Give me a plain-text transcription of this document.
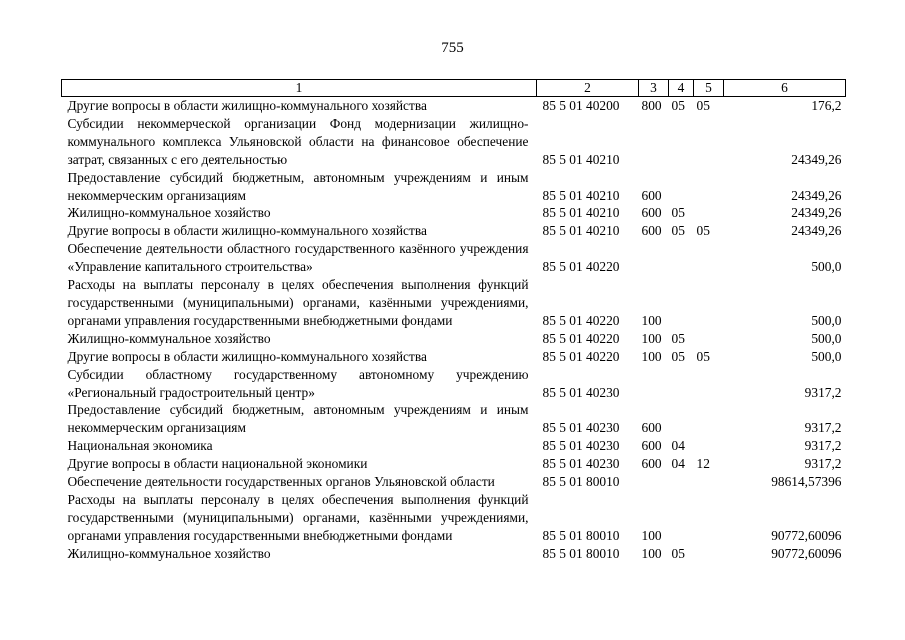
755
1	2	3	4	5	6
Другие вопросы в области жилищно-коммунального хозяйства	85 5 01 40200	800	05	05	176,2
Субсидии некоммерческой организации Фонд модернизации жилищно-коммунального комплекса Ульяновской области на финансовое обеспечение затрат, связанных с его деятельностью	85 5 01 40210				24349,26
Предоставление субсидий бюджетным, автономным учреждениям и иным некоммерческим организациям	85 5 01 40210	600			24349,26
Жилищно-коммунальное хозяйство	85 5 01 40210	600	05		24349,26
Другие вопросы в области жилищно-коммунального хозяйства	85 5 01 40210	600	05	05	24349,26
Обеспечение деятельности областного государственного казённого учреждения «Управление капитального строительства»	85 5 01 40220				500,0
Расходы на выплаты персоналу в целях обеспечения выполнения функций государственными (муниципальными) органами, казёнными учреждениями, органами управления государственными внебюджетными фондами	85 5 01 40220	100			500,0
Жилищно-коммунальное хозяйство	85 5 01 40220	100	05		500,0
Другие вопросы в области жилищно-коммунального хозяйства	85 5 01 40220	100	05	05	500,0
Субсидии областному государственному автономному учреждению «Региональный градостроительный центр»	85 5 01 40230				9317,2
Предоставление субсидий бюджетным, автономным учреждениям и иным некоммерческим организациям	85 5 01 40230	600			9317,2
Национальная экономика	85 5 01 40230	600	04		9317,2
Другие вопросы в области национальной экономики	85 5 01 40230	600	04	12	9317,2
Обеспечение деятельности государственных органов Ульяновской области	85 5 01 80010				98614,57396
Расходы на выплаты персоналу в целях обеспечения выполнения функций государственными (муниципальными) органами, казёнными учреждениями, органами управления государственными внебюджетными фондами	85 5 01 80010	100			90772,60096
Жилищно-коммунальное хозяйство	85 5 01 80010	100	05		90772,60096
